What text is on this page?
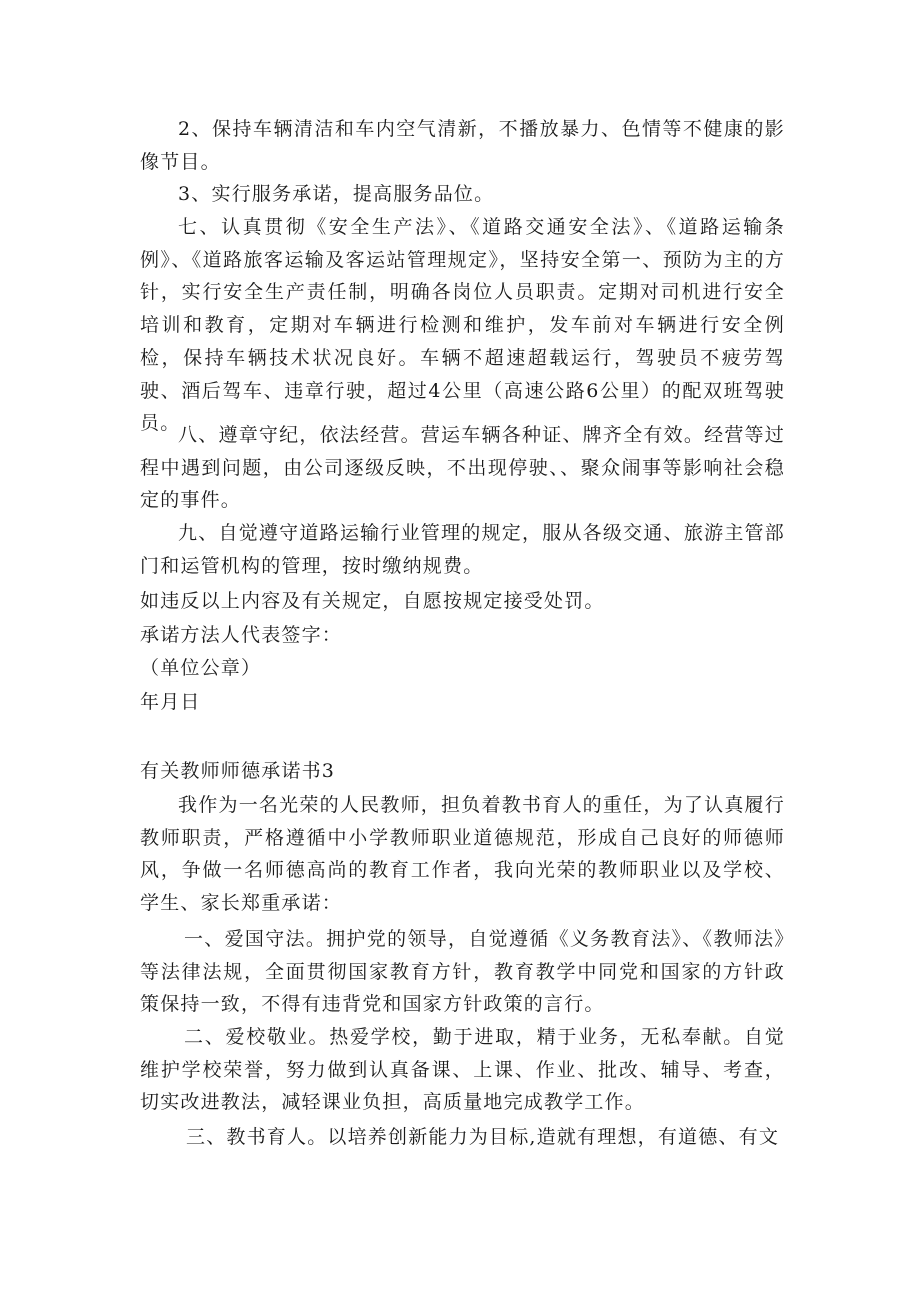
2、保持车辆清洁和车内空气清新，不播放暴力、色情等不健康的影像节目。

3、实行服务承诺，提高服务品位。

七、认真贯彻《安全生产法》、《道路交通安全法》、《道路运输条例》、《道路旅客运输及客运站管理规定》，坚持安全第一、预防为主的方针，实行安全生产责任制，明确各岗位人员职责。定期对司机进行安全培训和教育，定期对车辆进行检测和维护，发车前对车辆进行安全例检，保持车辆技术状况良好。车辆不超速超载运行，驾驶员不疲劳驾驶、酒后驾车、违章行驶，超过4公里（高速公路6公里）的配双班驾驶员。

八、遵章守纪，依法经营。营运车辆各种证、牌齐全有效。经营等过程中遇到问题，由公司逐级反映，不出现停驶、、聚众闹事等影响社会稳定的事件。

九、自觉遵守道路运输行业管理的规定，服从各级交通、旅游主管部门和运管机构的管理，按时缴纳规费。

如违反以上内容及有关规定，自愿按规定接受处罚。

承诺方法人代表签字：

（单位公章）

年月日

有关教师师德承诺书3

我作为一名光荣的人民教师，担负着教书育人的重任，为了认真履行教师职责，严格遵循中小学教师职业道德规范，形成自己良好的师德师风，争做一名师德高尚的教育工作者，我向光荣的教师职业以及学校、学生、家长郑重承诺：

一、爱国守法。拥护党的领导，自觉遵循《义务教育法》、《教师法》等法律法规，全面贯彻国家教育方针，教育教学中同党和国家的方针政策保持一致，不得有违背党和国家方针政策的言行。

二、爱校敬业。热爱学校，勤于进取，精于业务，无私奉献。自觉维护学校荣誉，努力做到认真备课、上课、作业、批改、辅导、考查，切实改进教法，减轻课业负担，高质量地完成教学工作。

三、教书育人。以培养创新能力为目标,造就有理想，有道德、有文
